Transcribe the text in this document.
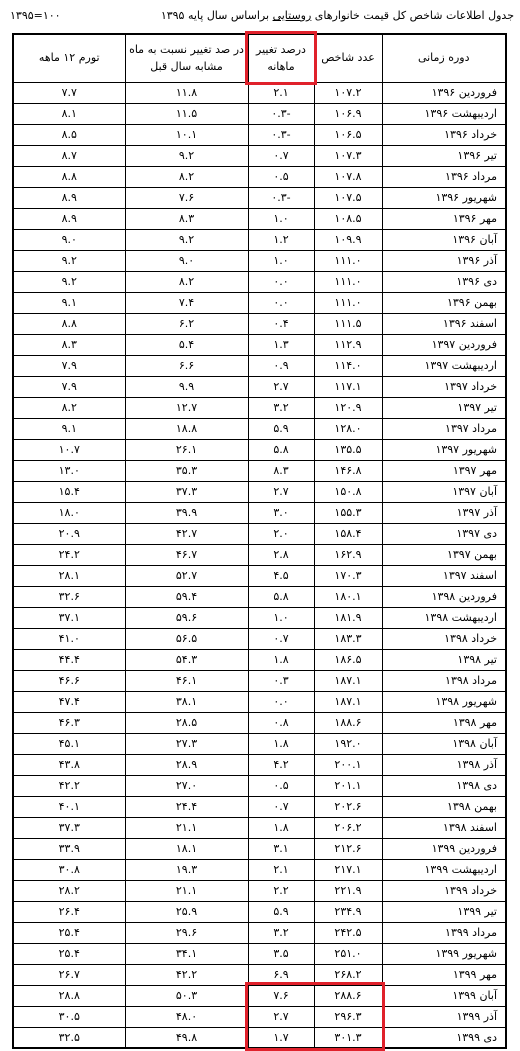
جدول اطلاعات شاخص کل قیمت خانوارهای روستایی براساس سال پایه ۱۳۹۵
۱۳۹۵=۱۰۰
دوره زمانی	عدد شاخص	درصد تغییر ماهانه	در صد تغییر نسبت به ماه مشابه سال قبل	تورم ۱۲ ماهه
فروردین ۱۳۹۶	۱۰۷.۲	۲.۱	۱۱.۸	۷.۷
اردیبهشت ۱۳۹۶	۱۰۶.۹	-۰.۳	۱۱.۵	۸.۱
خرداد ۱۳۹۶	۱۰۶.۵	-۰.۳	۱۰.۱	۸.۵
تیر ۱۳۹۶	۱۰۷.۳	۰.۷	۹.۲	۸.۷
مرداد ۱۳۹۶	۱۰۷.۸	۰.۵	۸.۲	۸.۸
شهریور ۱۳۹۶	۱۰۷.۵	-۰.۳	۷.۶	۸.۹
مهر ۱۳۹۶	۱۰۸.۵	۱.۰	۸.۳	۸.۹
آبان ۱۳۹۶	۱۰۹.۹	۱.۲	۹.۲	۹.۰
آذر ۱۳۹۶	۱۱۱.۰	۱.۰	۹.۰	۹.۲
دی ۱۳۹۶	۱۱۱.۰	۰.۰	۸.۲	۹.۲
بهمن ۱۳۹۶	۱۱۱.۰	۰.۰	۷.۴	۹.۱
اسفند ۱۳۹۶	۱۱۱.۵	۰.۴	۶.۲	۸.۸
فروردین ۱۳۹۷	۱۱۲.۹	۱.۳	۵.۴	۸.۳
اردیبهشت ۱۳۹۷	۱۱۴.۰	۰.۹	۶.۶	۷.۹
خرداد ۱۳۹۷	۱۱۷.۱	۲.۷	۹.۹	۷.۹
تیر ۱۳۹۷	۱۲۰.۹	۳.۲	۱۲.۷	۸.۲
مرداد ۱۳۹۷	۱۲۸.۰	۵.۹	۱۸.۸	۹.۱
شهریور ۱۳۹۷	۱۳۵.۵	۵.۸	۲۶.۱	۱۰.۷
مهر ۱۳۹۷	۱۴۶.۸	۸.۳	۳۵.۳	۱۳.۰
آبان ۱۳۹۷	۱۵۰.۸	۲.۷	۳۷.۳	۱۵.۴
آذر ۱۳۹۷	۱۵۵.۳	۳.۰	۳۹.۹	۱۸.۰
دی ۱۳۹۷	۱۵۸.۴	۲.۰	۴۲.۷	۲۰.۹
بهمن ۱۳۹۷	۱۶۲.۹	۲.۸	۴۶.۷	۲۴.۲
اسفند ۱۳۹۷	۱۷۰.۳	۴.۵	۵۲.۷	۲۸.۱
فروردین ۱۳۹۸	۱۸۰.۱	۵.۸	۵۹.۴	۳۲.۶
اردیبهشت ۱۳۹۸	۱۸۱.۹	۱.۰	۵۹.۶	۳۷.۱
خرداد ۱۳۹۸	۱۸۳.۳	۰.۷	۵۶.۵	۴۱.۰
تیر ۱۳۹۸	۱۸۶.۵	۱.۸	۵۴.۳	۴۴.۴
مرداد ۱۳۹۸	۱۸۷.۱	۰.۳	۴۶.۱	۴۶.۶
شهریور ۱۳۹۸	۱۸۷.۱	۰.۰	۳۸.۱	۴۷.۴
مهر ۱۳۹۸	۱۸۸.۶	۰.۸	۲۸.۵	۴۶.۳
آبان ۱۳۹۸	۱۹۲.۰	۱.۸	۲۷.۳	۴۵.۱
آذر ۱۳۹۸	۲۰۰.۱	۴.۲	۲۸.۹	۴۳.۸
دی ۱۳۹۸	۲۰۱.۱	۰.۵	۲۷.۰	۴۲.۲
بهمن ۱۳۹۸	۲۰۲.۶	۰.۷	۲۴.۴	۴۰.۱
اسفند ۱۳۹۸	۲۰۶.۲	۱.۸	۲۱.۱	۳۷.۳
فروردین ۱۳۹۹	۲۱۲.۶	۳.۱	۱۸.۱	۳۳.۹
اردیبهشت ۱۳۹۹	۲۱۷.۱	۲.۱	۱۹.۳	۳۰.۸
خرداد ۱۳۹۹	۲۲۱.۹	۲.۲	۲۱.۱	۲۸.۲
تیر ۱۳۹۹	۲۳۴.۹	۵.۹	۲۵.۹	۲۶.۴
مرداد ۱۳۹۹	۲۴۲.۵	۳.۲	۲۹.۶	۲۵.۴
شهریور ۱۳۹۹	۲۵۱.۰	۳.۵	۳۴.۱	۲۵.۴
مهر ۱۳۹۹	۲۶۸.۲	۶.۹	۴۲.۲	۲۶.۷
آبان ۱۳۹۹	۲۸۸.۶	۷.۶	۵۰.۳	۲۸.۸
آذر ۱۳۹۹	۲۹۶.۳	۲.۷	۴۸.۰	۳۰.۵
دی ۱۳۹۹	۳۰۱.۳	۱.۷	۴۹.۸	۳۲.۵
